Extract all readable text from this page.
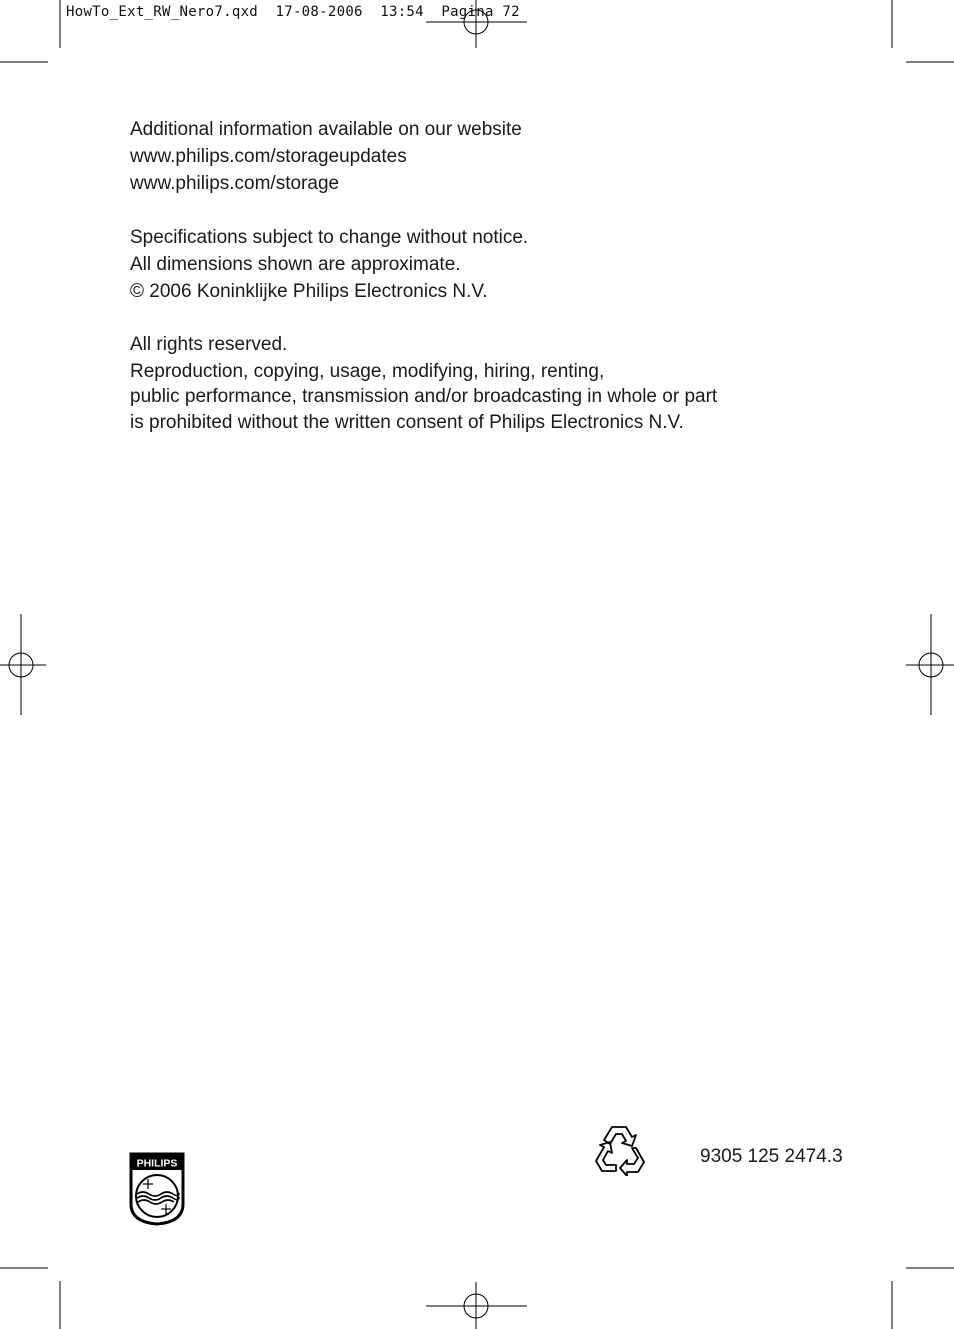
HowTo_Ext_RW_Nero7.qxd  17-08-2006  13:54  Pagina 72
Additional information available on our website
www.philips.com/storageupdates
www.philips.com/storage
Specifications subject to change without notice.
All dimensions shown are approximate.
© 2006 Koninklijke Philips Electronics N.V.
All rights reserved.
Reproduction, copying, usage, modifying, hiring, renting,
public performance, transmission and/or broadcasting in whole or part
is prohibited without the written consent of Philips Electronics N.V.
PHILIPS	9305 125 2474.3
